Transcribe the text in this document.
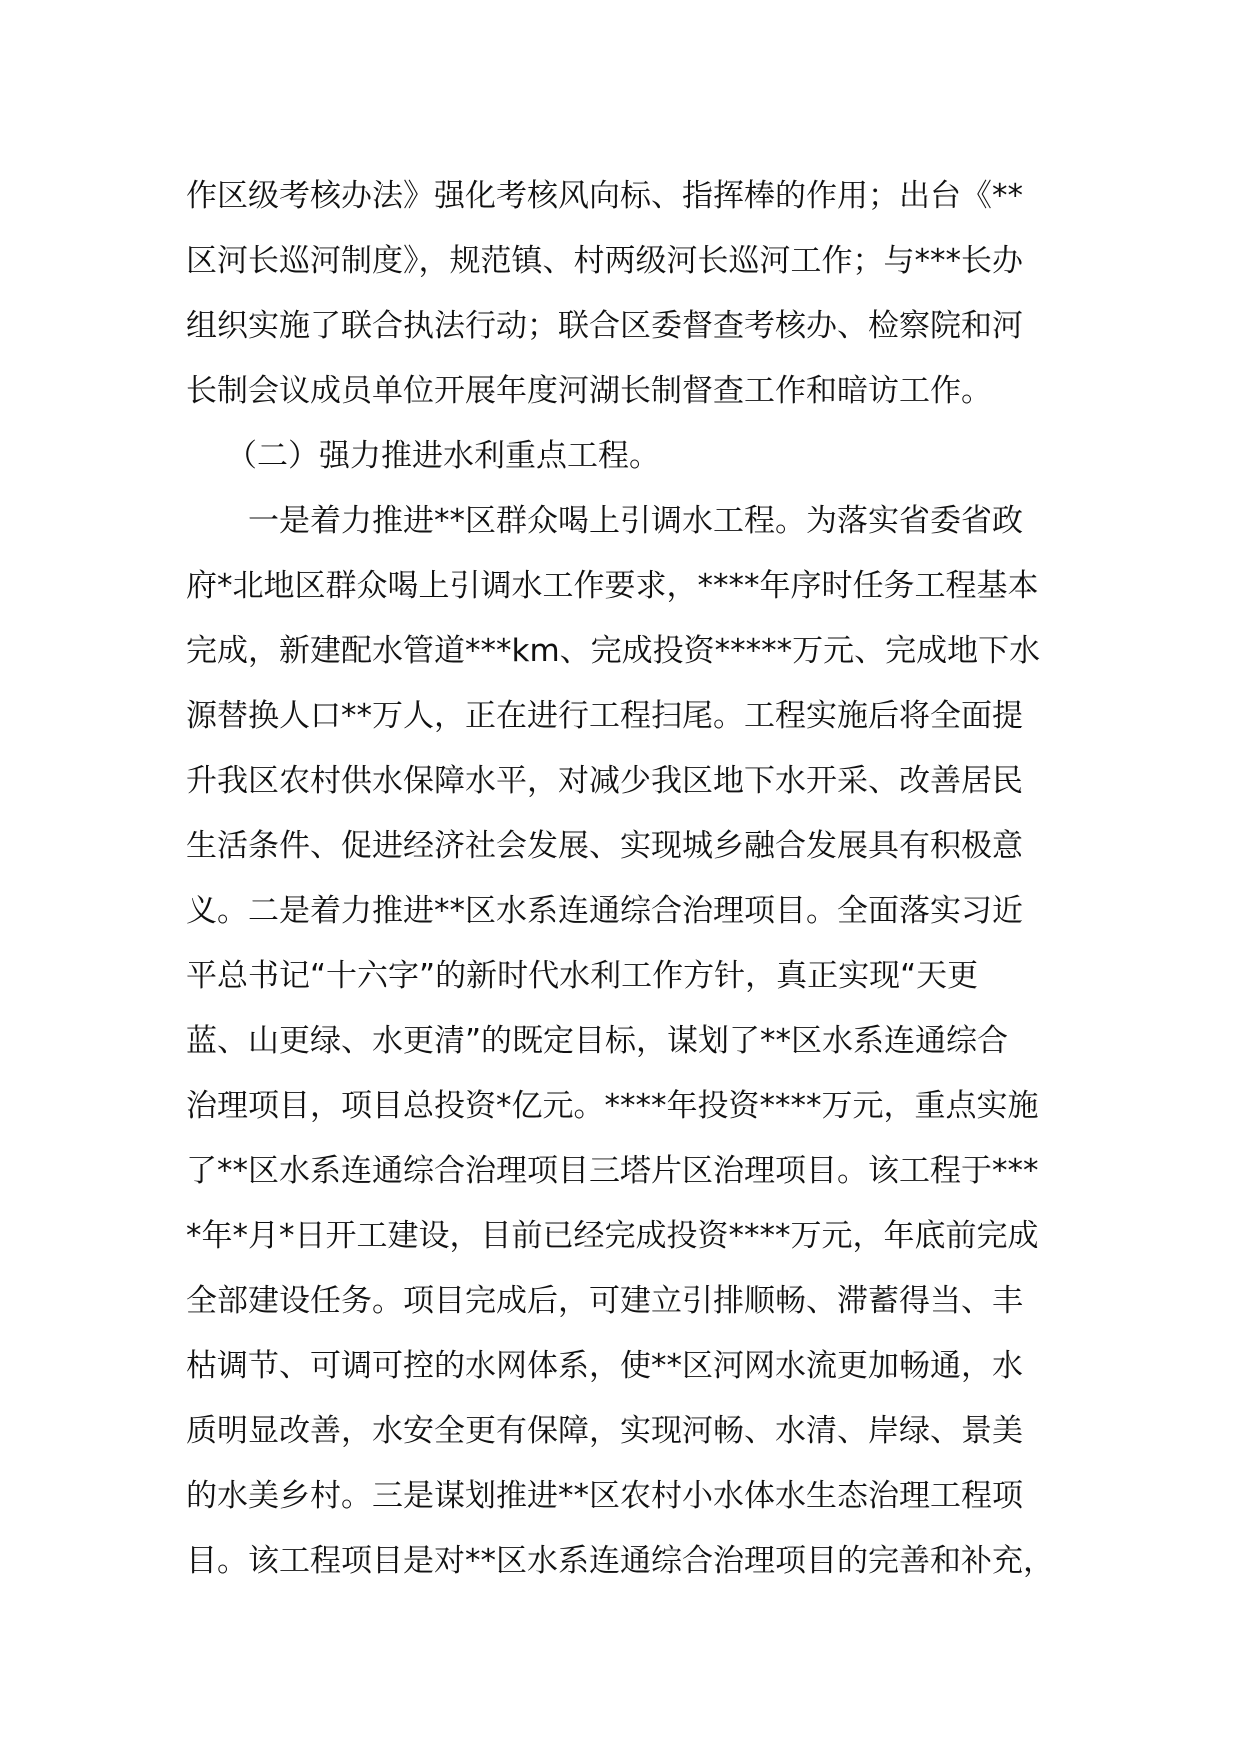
作区级考核办法》强化考核风向标、指挥棒的作用；出台《**
区河长巡河制度》，规范镇、村两级河长巡河工作；与***长办
组织实施了联合执法行动；联合区委督查考核办、检察院和河
长制会议成员单位开展年度河湖长制督查工作和暗访工作。
（二）强力推进水利重点工程。
一是着力推进**区群众喝上引调水工程。为落实省委省政
府*北地区群众喝上引调水工作要求，****年序时任务工程基本
完成，新建配水管道***km、完成投资*****万元、完成地下水
源替换人口**万人，正在进行工程扫尾。工程实施后将全面提
升我区农村供水保障水平，对减少我区地下水开采、改善居民
生活条件、促进经济社会发展、实现城乡融合发展具有积极意
义。二是着力推进**区水系连通综合治理项目。全面落实习近
平总书记“十六字”的新时代水利工作方针，真正实现“天更
蓝、山更绿、水更清”的既定目标，谋划了**区水系连通综合
治理项目，项目总投资*亿元。****年投资****万元，重点实施
了**区水系连通综合治理项目三塔片区治理项目。该工程于***
*年*月*日开工建设，目前已经完成投资****万元，年底前完成
全部建设任务。项目完成后，可建立引排顺畅、滞蓄得当、丰
枯调节、可调可控的水网体系，使**区河网水流更加畅通，水
质明显改善，水安全更有保障，实现河畅、水清、岸绿、景美
的水美乡村。三是谋划推进**区农村小水体水生态治理工程项
目。该工程项目是对**区水系连通综合治理项目的完善和补充，
